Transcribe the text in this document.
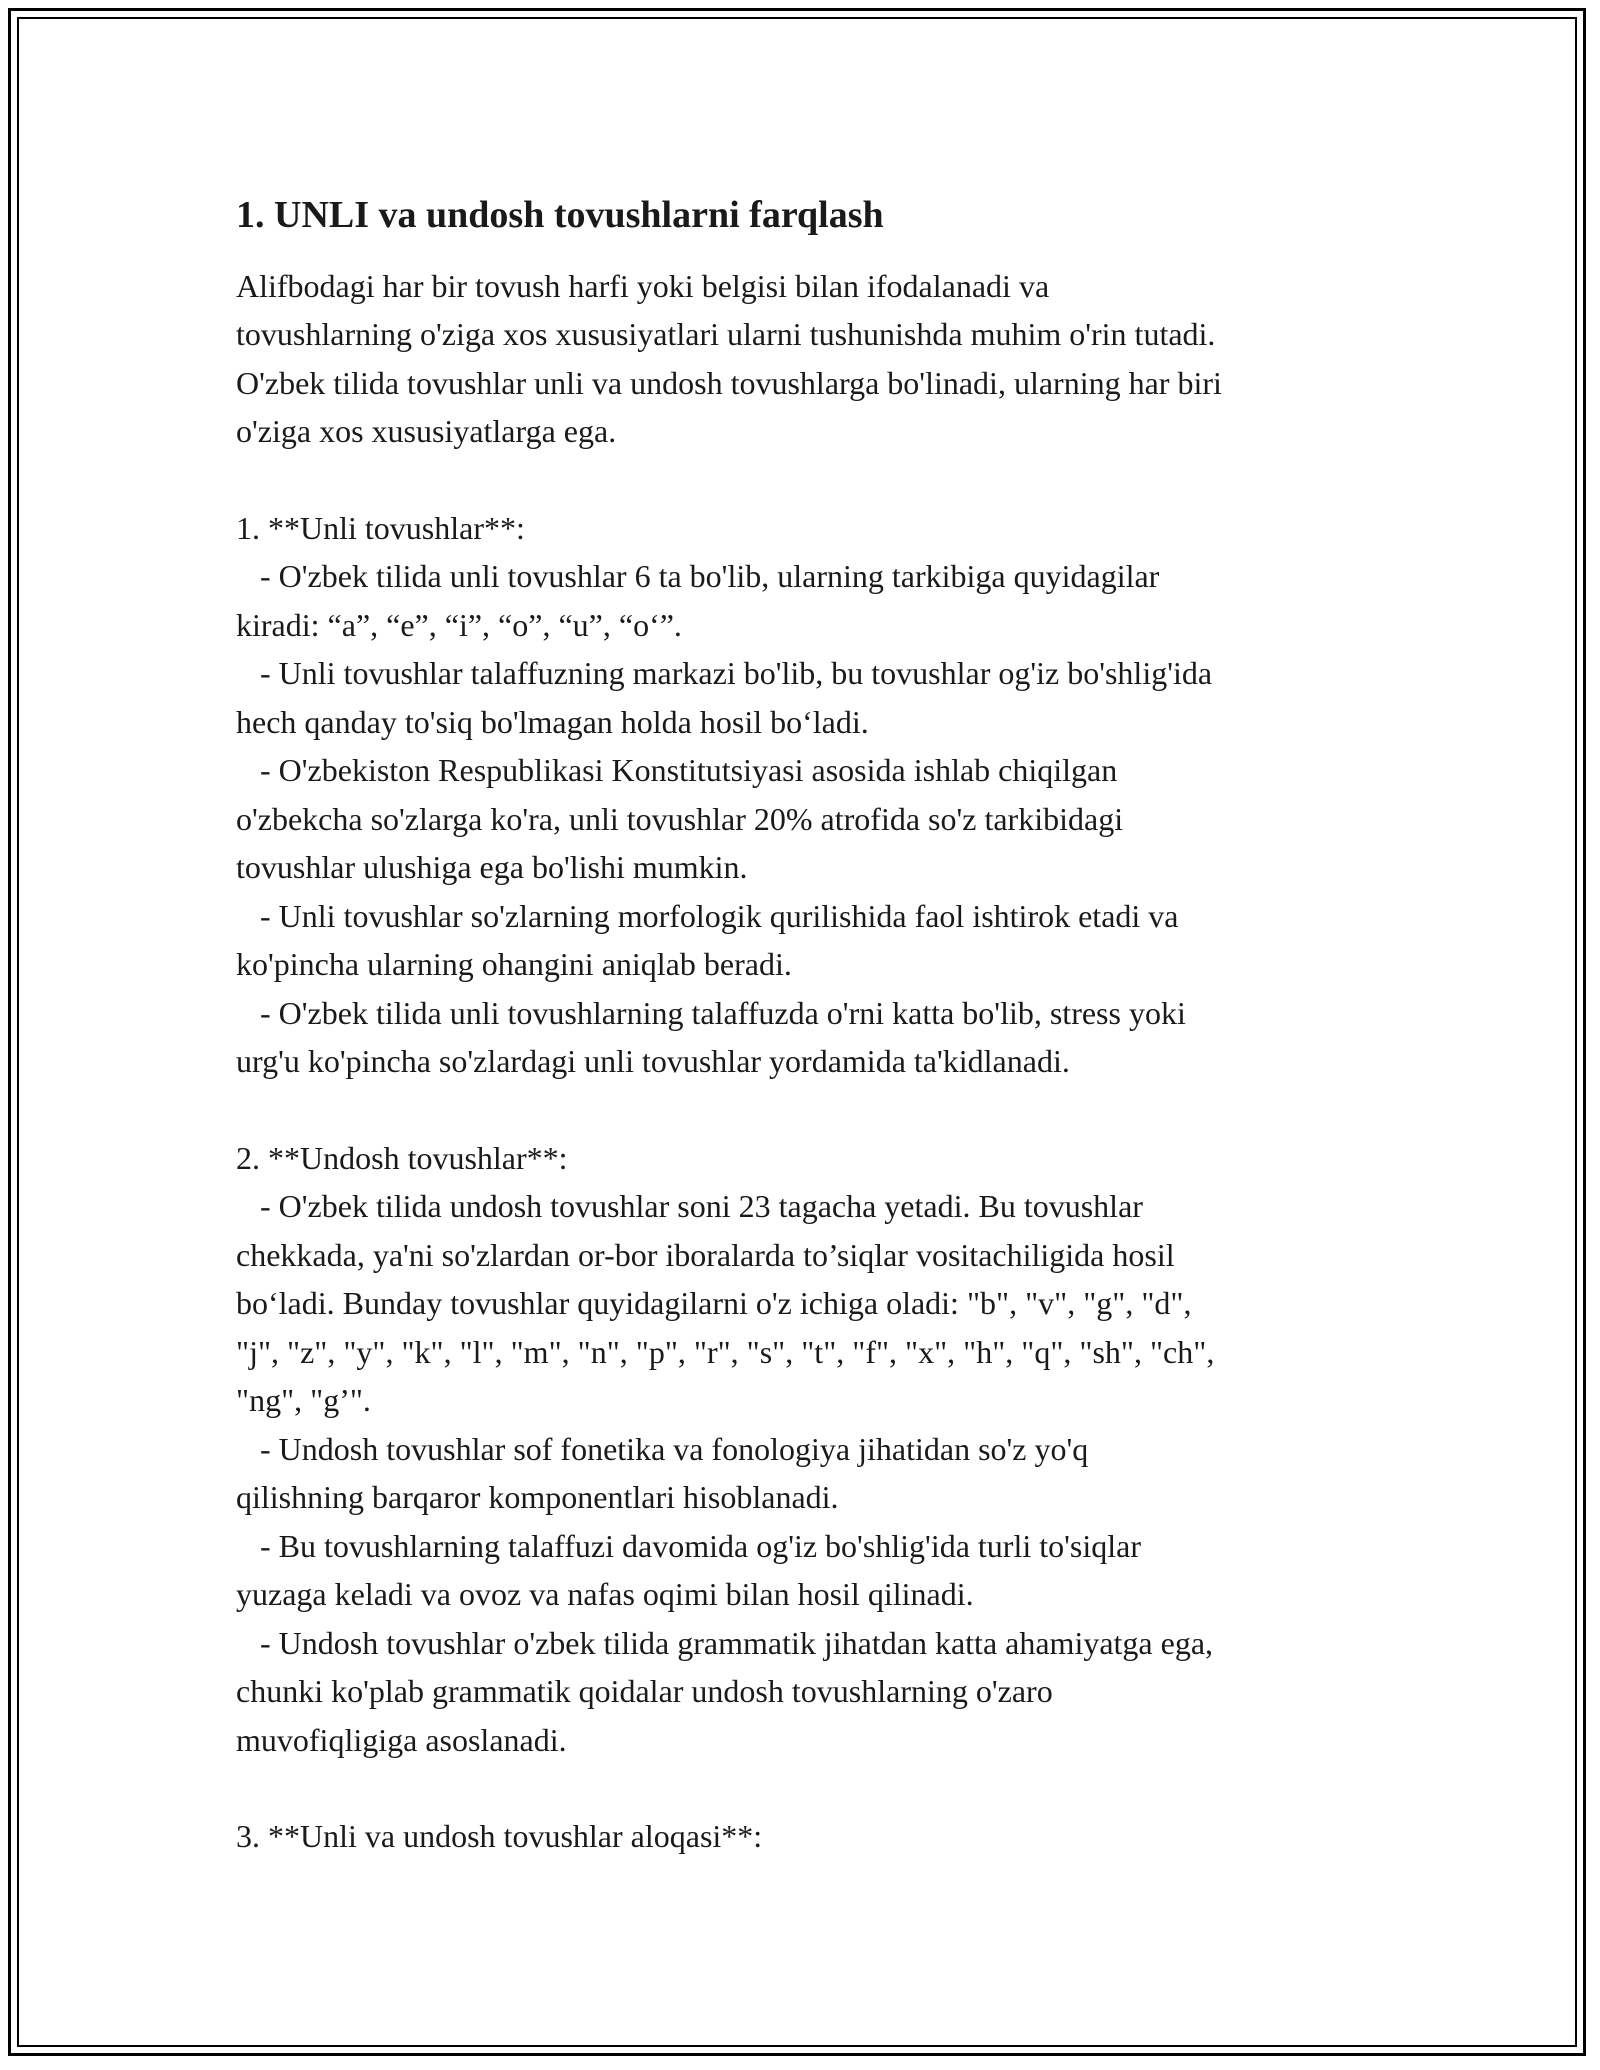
1. UNLI va undosh tovushlarni farqlash

Alifbodagi har bir tovush harfi yoki belgisi bilan ifodalanadi va
tovushlarning o'ziga xos xususiyatlari ularni tushunishda muhim o'rin tutadi.
O'zbek tilida tovushlar unli va undosh tovushlarga bo'linadi, ularning har biri
o'ziga xos xususiyatlarga ega.

1. **Unli tovushlar**:

- O'zbek tilida unli tovushlar 6 ta bo'lib, ularning tarkibiga quyidagilar
kiradi: “a”, “e”, “i”, “o”, “u”, “o‘”.

- Unli tovushlar talaffuzning markazi bo'lib, bu tovushlar og'iz bo'shlig'ida
hech qanday to'siq bo'lmagan holda hosil bo‘ladi.

- O'zbekiston Respublikasi Konstitutsiyasi asosida ishlab chiqilgan
o'zbekcha so'zlarga ko'ra, unli tovushlar 20% atrofida so'z tarkibidagi
tovushlar ulushiga ega bo'lishi mumkin.

- Unli tovushlar so'zlarning morfologik qurilishida faol ishtirok etadi va
ko'pincha ularning ohangini aniqlab beradi.

- O'zbek tilida unli tovushlarning talaffuzda o'rni katta bo'lib, stress yoki
urg'u ko'pincha so'zlardagi unli tovushlar yordamida ta'kidlanadi.

2. **Undosh tovushlar**:

- O'zbek tilida undosh tovushlar soni 23 tagacha yetadi. Bu tovushlar
chekkada, ya'ni so'zlardan or-bor iboralarda to’siqlar vositachiligida hosil
bo‘ladi. Bunday tovushlar quyidagilarni o'z ichiga oladi: "b", "v", "g", "d",
"j", "z", "y", "k", "l", "m", "n", "p", "r", "s", "t", "f", "x", "h", "q", "sh", "ch",
"ng", "g’".

- Undosh tovushlar sof fonetika va fonologiya jihatidan so'z yo'q
qilishning barqaror komponentlari hisoblanadi.

- Bu tovushlarning talaffuzi davomida og'iz bo'shlig'ida turli to'siqlar
yuzaga keladi va ovoz va nafas oqimi bilan hosil qilinadi.

- Undosh tovushlar o'zbek tilida grammatik jihatdan katta ahamiyatga ega,
chunki ko'plab grammatik qoidalar undosh tovushlarning o'zaro
muvofiqligiga asoslanadi.

3. **Unli va undosh tovushlar aloqasi**:
